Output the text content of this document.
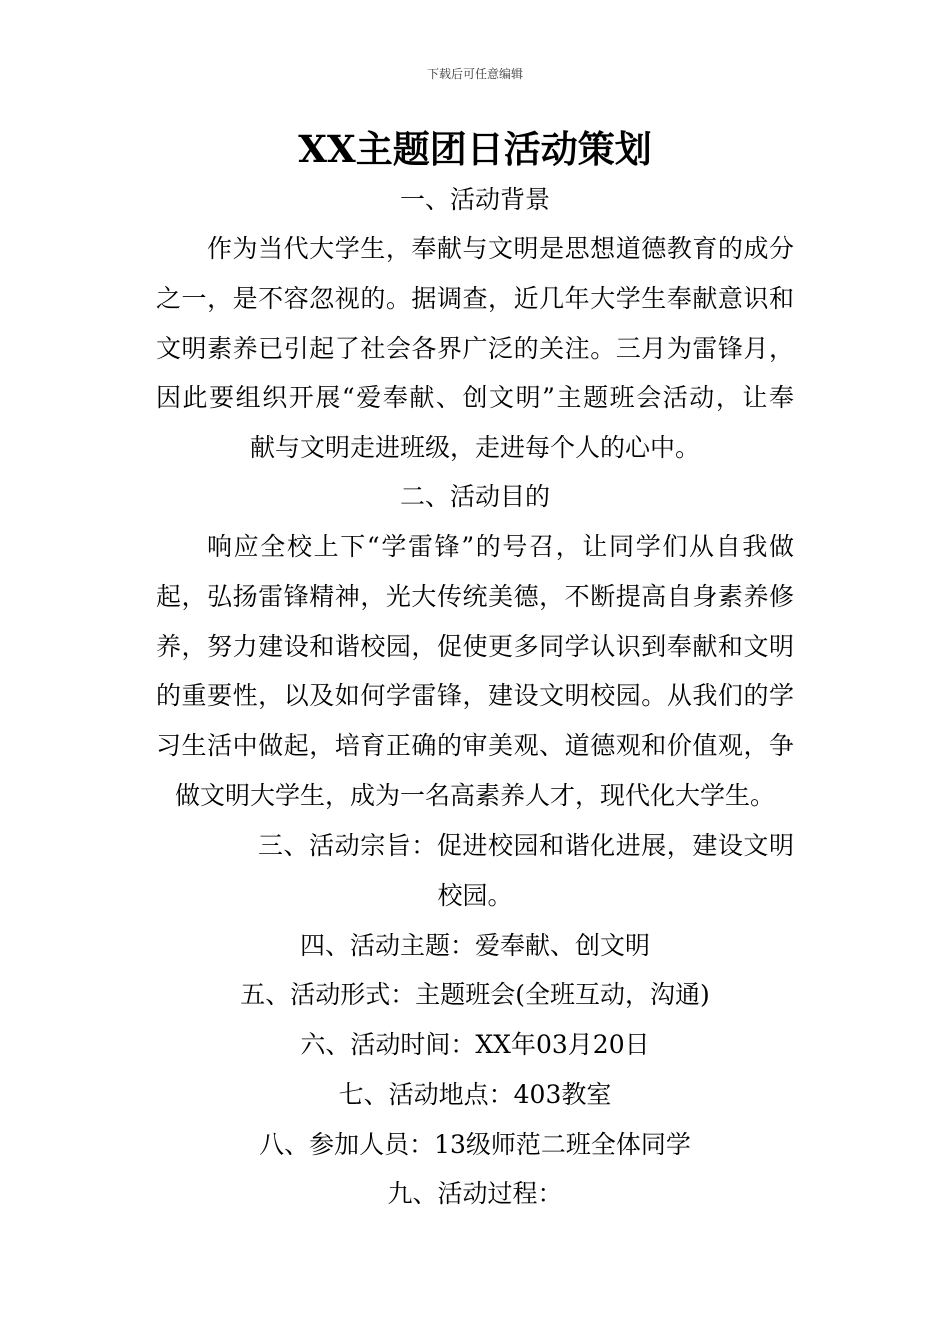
下载后可任意编辑
XX主题团日活动策划

一、活动背景

作为当代大学生，奉献与文明是思想道德教育的成分

之一，是不容忽视的。据调查，近几年大学生奉献意识和

文明素养已引起了社会各界广泛的关注。三月为雷锋月，

因此要组织开展“爱奉献、创文明”主题班会活动，让奉

献与文明走进班级，走进每个人的心中。

二、活动目的

响应全校上下“学雷锋”的号召，让同学们从自我做

起，弘扬雷锋精神，光大传统美德，不断提高自身素养修

养，努力建设和谐校园，促使更多同学认识到奉献和文明

的重要性，以及如何学雷锋，建设文明校园。从我们的学

习生活中做起，培育正确的审美观、道德观和价值观，争

做文明大学生，成为一名高素养人才，现代化大学生。

三、活动宗旨：促进校园和谐化进展，建设文明

校园。

四、活动主题：爱奉献、创文明

五、活动形式：主题班会(全班互动，沟通)

六、活动时间：XX年03月20日

七、活动地点：403教室

八、参加人员：13级师范二班全体同学

九、活动过程：
